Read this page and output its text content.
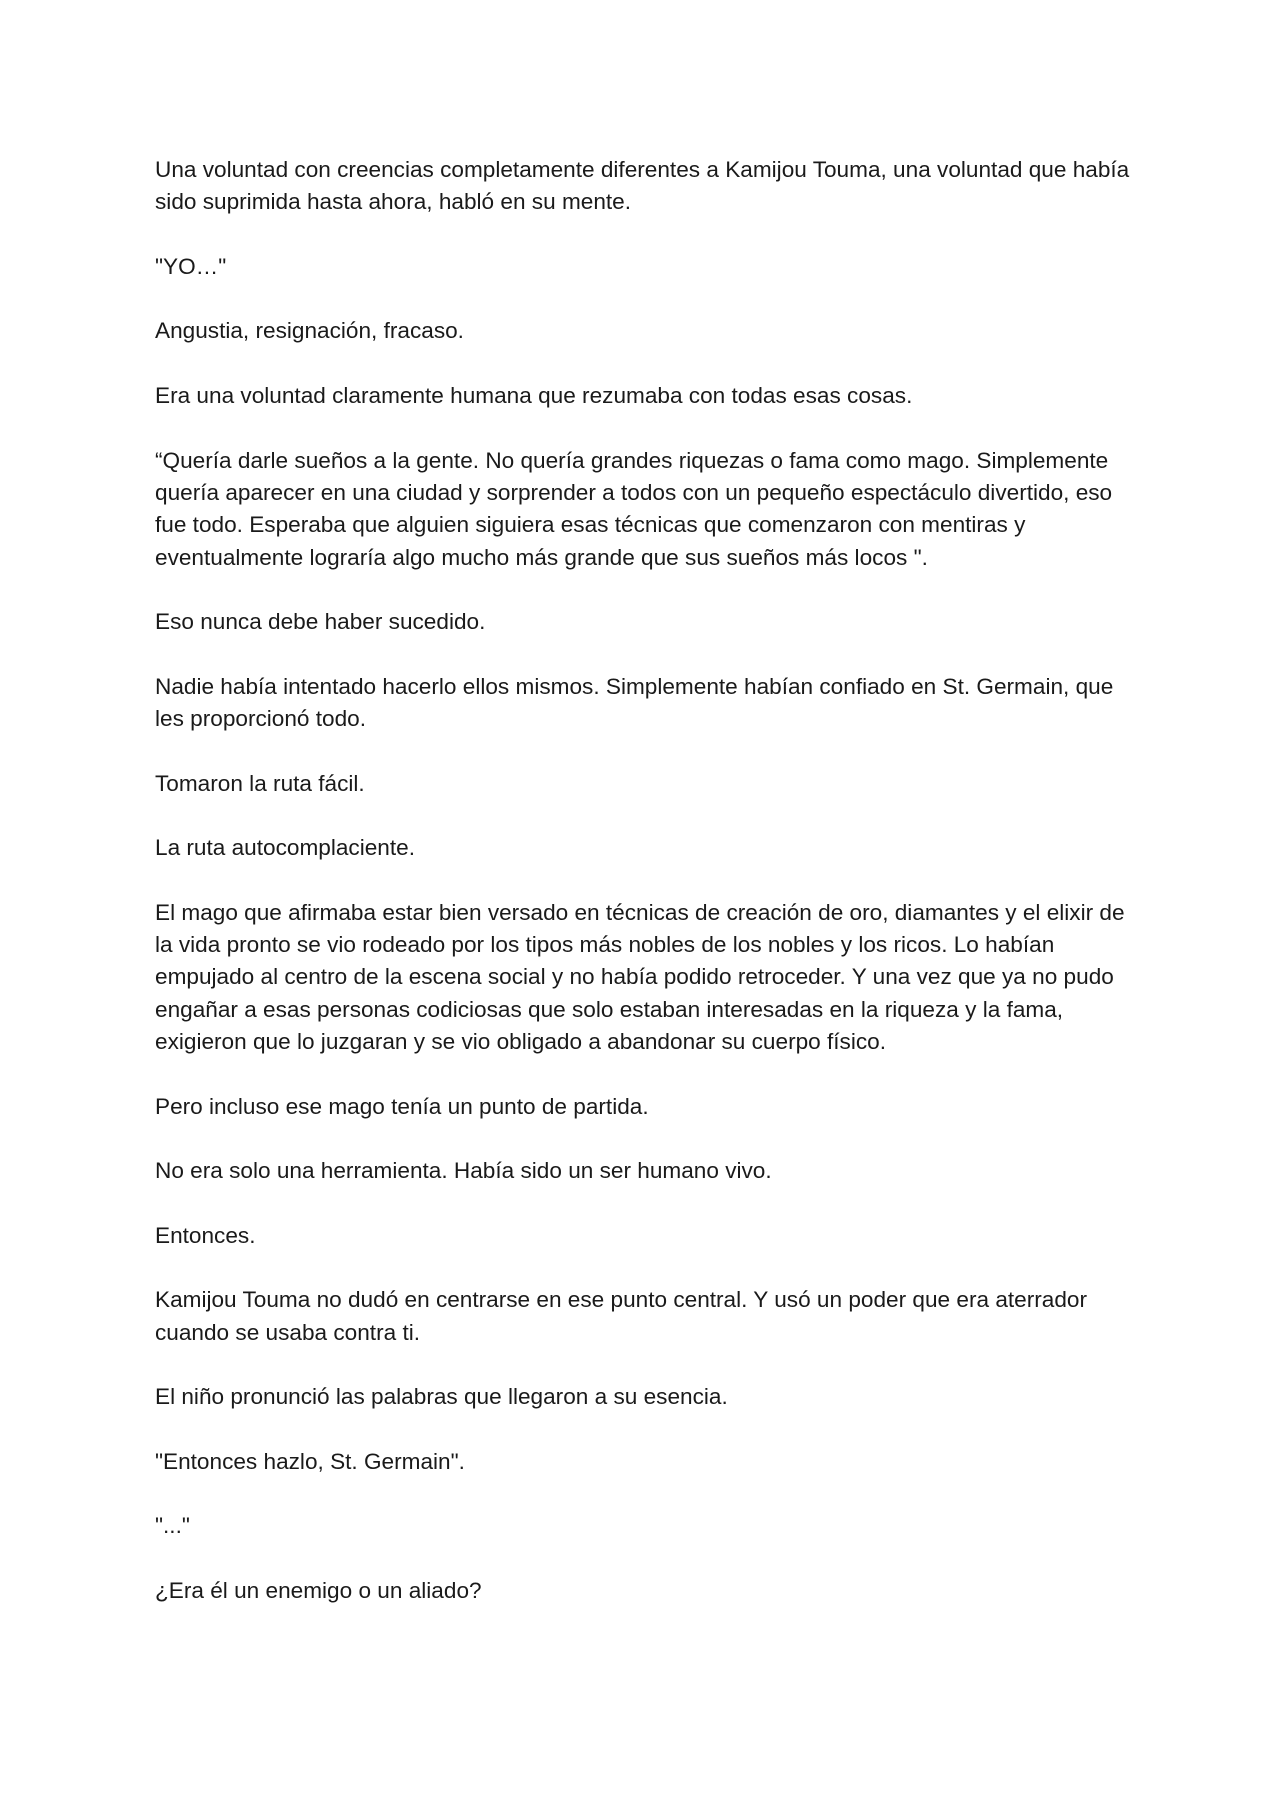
Una voluntad con creencias completamente diferentes a Kamijou Touma, una voluntad que había sido suprimida hasta ahora, habló en su mente.

"YO…"

Angustia, resignación, fracaso.

Era una voluntad claramente humana que rezumaba con todas esas cosas.

“Quería darle sueños a la gente. No quería grandes riquezas o fama como mago. Simplemente quería aparecer en una ciudad y sorprender a todos con un pequeño espectáculo divertido, eso fue todo. Esperaba que alguien siguiera esas técnicas que comenzaron con mentiras y eventualmente lograría algo mucho más grande que sus sueños más locos ".

Eso nunca debe haber sucedido.

Nadie había intentado hacerlo ellos mismos. Simplemente habían confiado en St. Germain, que les proporcionó todo.

Tomaron la ruta fácil.

La ruta autocomplaciente.

El mago que afirmaba estar bien versado en técnicas de creación de oro, diamantes y el elixir de la vida pronto se vio rodeado por los tipos más nobles de los nobles y los ricos. Lo habían empujado al centro de la escena social y no había podido retroceder. Y una vez que ya no pudo engañar a esas personas codiciosas que solo estaban interesadas en la riqueza y la fama, exigieron que lo juzgaran y se vio obligado a abandonar su cuerpo físico.

Pero incluso ese mago tenía un punto de partida.

No era solo una herramienta. Había sido un ser humano vivo.

Entonces.

Kamijou Touma no dudó en centrarse en ese punto central. Y usó un poder que era aterrador cuando se usaba contra ti.

El niño pronunció las palabras que llegaron a su esencia.

"Entonces hazlo, St. Germain".

"..."

¿Era él un enemigo o un aliado?
